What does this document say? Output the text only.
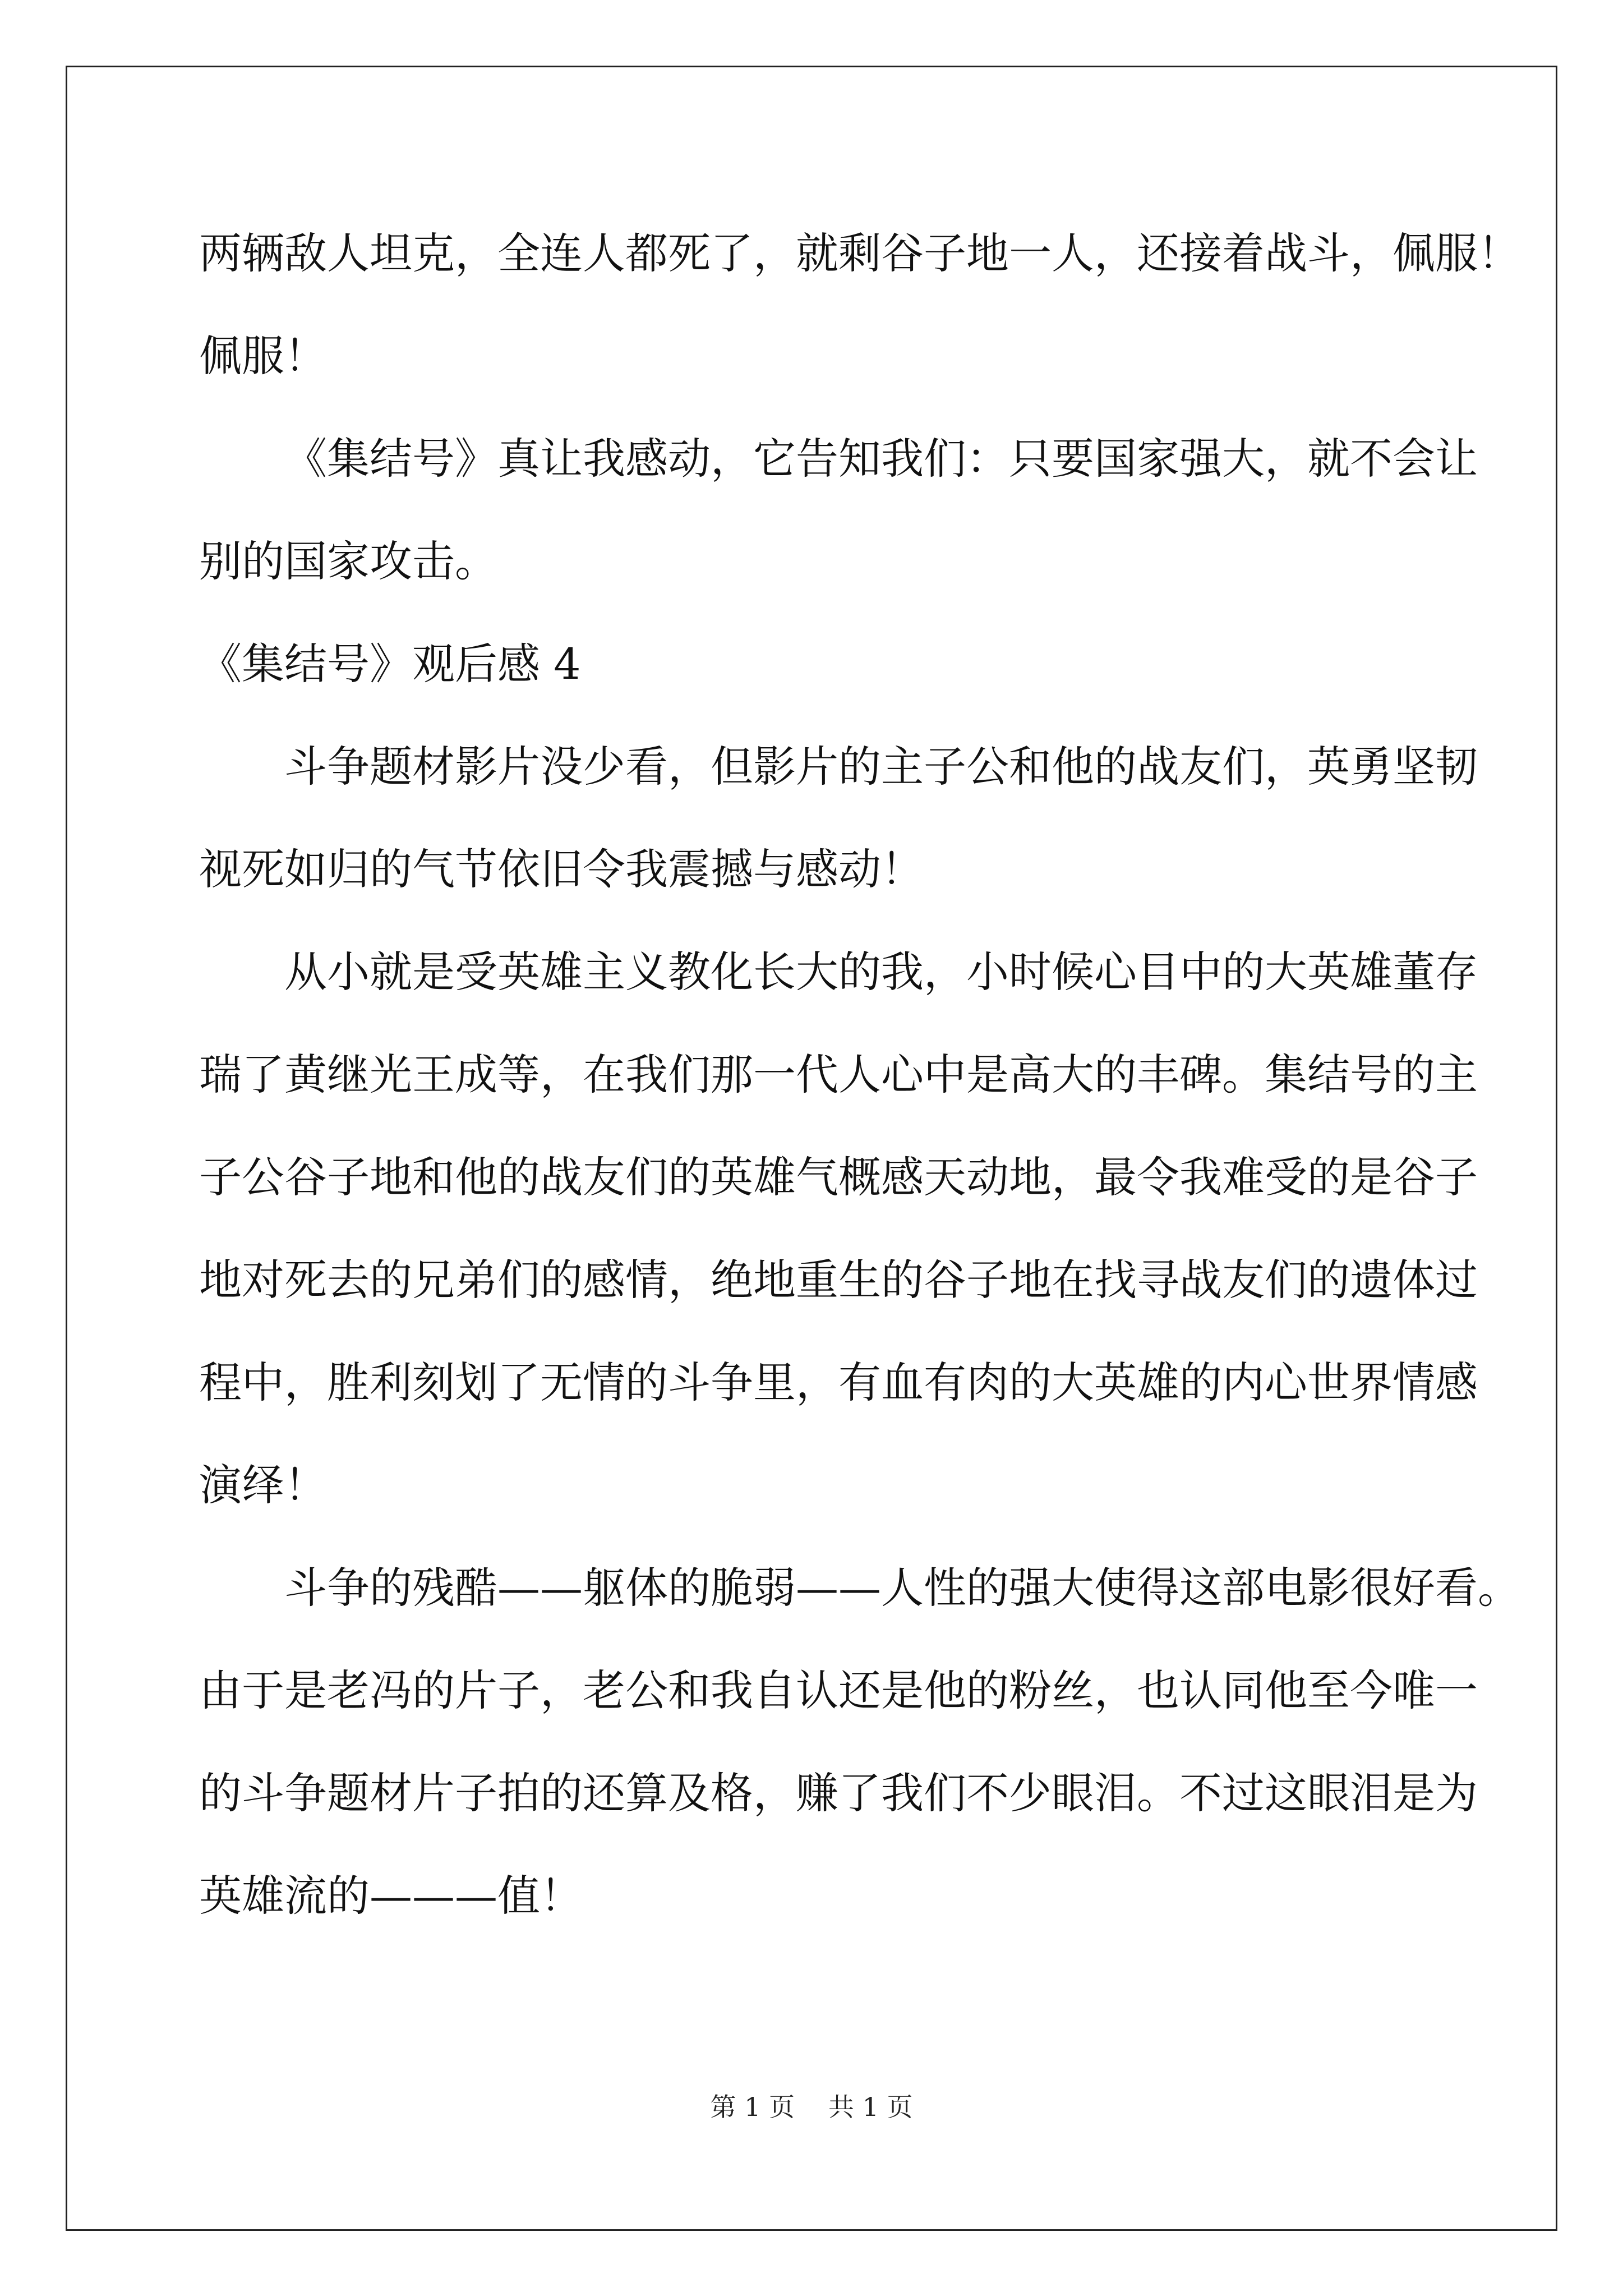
两辆敌人坦克，全连人都死了，就剩谷子地一人，还接着战斗，佩服！
佩服！
《集结号》真让我感动，它告知我们：只要国家强大，就不会让
别的国家攻击。
《集结号》观后感 4
斗争题材影片没少看，但影片的主子公和他的战友们，英勇坚韧
视死如归的气节依旧令我震撼与感动！
从小就是受英雄主义教化长大的我，小时候心目中的大英雄董存
瑞了黄继光王成等，在我们那一代人心中是高大的丰碑。集结号的主
子公谷子地和他的战友们的英雄气概感天动地，最令我难受的是谷子
地对死去的兄弟们的感情，绝地重生的谷子地在找寻战友们的遗体过
程中，胜利刻划了无情的斗争里，有血有肉的大英雄的内心世界情感
演绎！
斗争的残酷——躯体的脆弱——人性的强大使得这部电影很好看。
由于是老冯的片子，老公和我自认还是他的粉丝，也认同他至今唯一
的斗争题材片子拍的还算及格，赚了我们不少眼泪。不过这眼泪是为
英雄流的———值！
第 1 页 共 1 页
